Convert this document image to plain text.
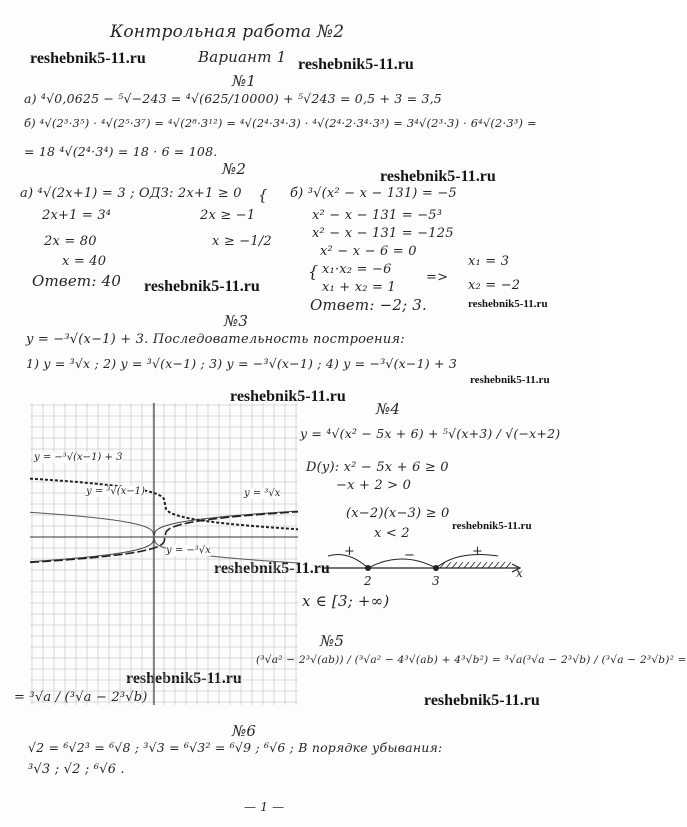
Контрольная работа №2
Вариант 1
reshebnik5-11.ru	reshebnik5-11.ru
reshebnik5-11.ru
reshebnik5-11.ru
reshebnik5-11.ru
reshebnik5-11.ru
reshebnik5-11.ru
reshebnik5-11.ru
reshebnik5-11.ru
reshebnik5-11.ru
reshebnik5-11.ru
№1
а) ⁴√0,0625 − ⁵√−243 = ⁴√(625/10000) + ⁵√243 = 0,5 + 3 = 3,5
б) ⁴√(2³·3⁵) · ⁴√(2⁵·3⁷) = ⁴√(2⁸·3¹²) = ⁴√(2⁴·3⁴·3) · ⁴√(2⁴·2·3⁴·3³) = 3⁴√(2³·3) · 6⁴√(2·3³) =
= 18 ⁴√(2⁴·3⁴) = 18 · 6 = 108.
№2
а) ⁴√(2x+1) = 3 ; ОДЗ: 2x+1 ≥ 0
2x+1 = 3⁴	2x ≥ −1
2x = 80	x ≥ −1/2
x = 40
Ответ: 40
{ б) ³√(x² − x − 131) = −5
x² − x − 131 = −5³
x² − x − 131 = −125
x² − x − 6 = 0
{ x₁·x₂ = −6
x₁ + x₂ = 1
=>
x₁ = 3
x₂ = −2
Ответ: −2; 3.
№3
y = −³√(x−1) + 3. Последовательность построения:
1) y = ³√x ; 2) y = ³√(x−1) ; 3) y = −³√(x−1) ; 4) y = −³√(x−1) + 3
y = −³√(x−1) + 3
y = ³√(x−1)	y = ³√x
y = −³√x
№4
y = ⁴√(x² − 5x + 6) + ⁵√(x+3) / √(−x+2)
D(y): x² − 5x + 6 ≥ 0
−x + 2 > 0
(x−2)(x−3) ≥ 0
x < 2
+	−	+
2	3
x
x ∈ [3; +∞)
№5
(³√a² − 2³√(ab)) / (³√a² − 4³√(ab) + 4³√b²) = ³√a(³√a − 2³√b) / (³√a − 2³√b)² =
= ³√a / (³√a − 2³√b)
№6
√2 = ⁶√2³ = ⁶√8 ; ³√3 = ⁶√3² = ⁶√9 ; ⁶√6 ; В порядке убывания:
³√3 ; √2 ; ⁶√6 .
— 1 —
